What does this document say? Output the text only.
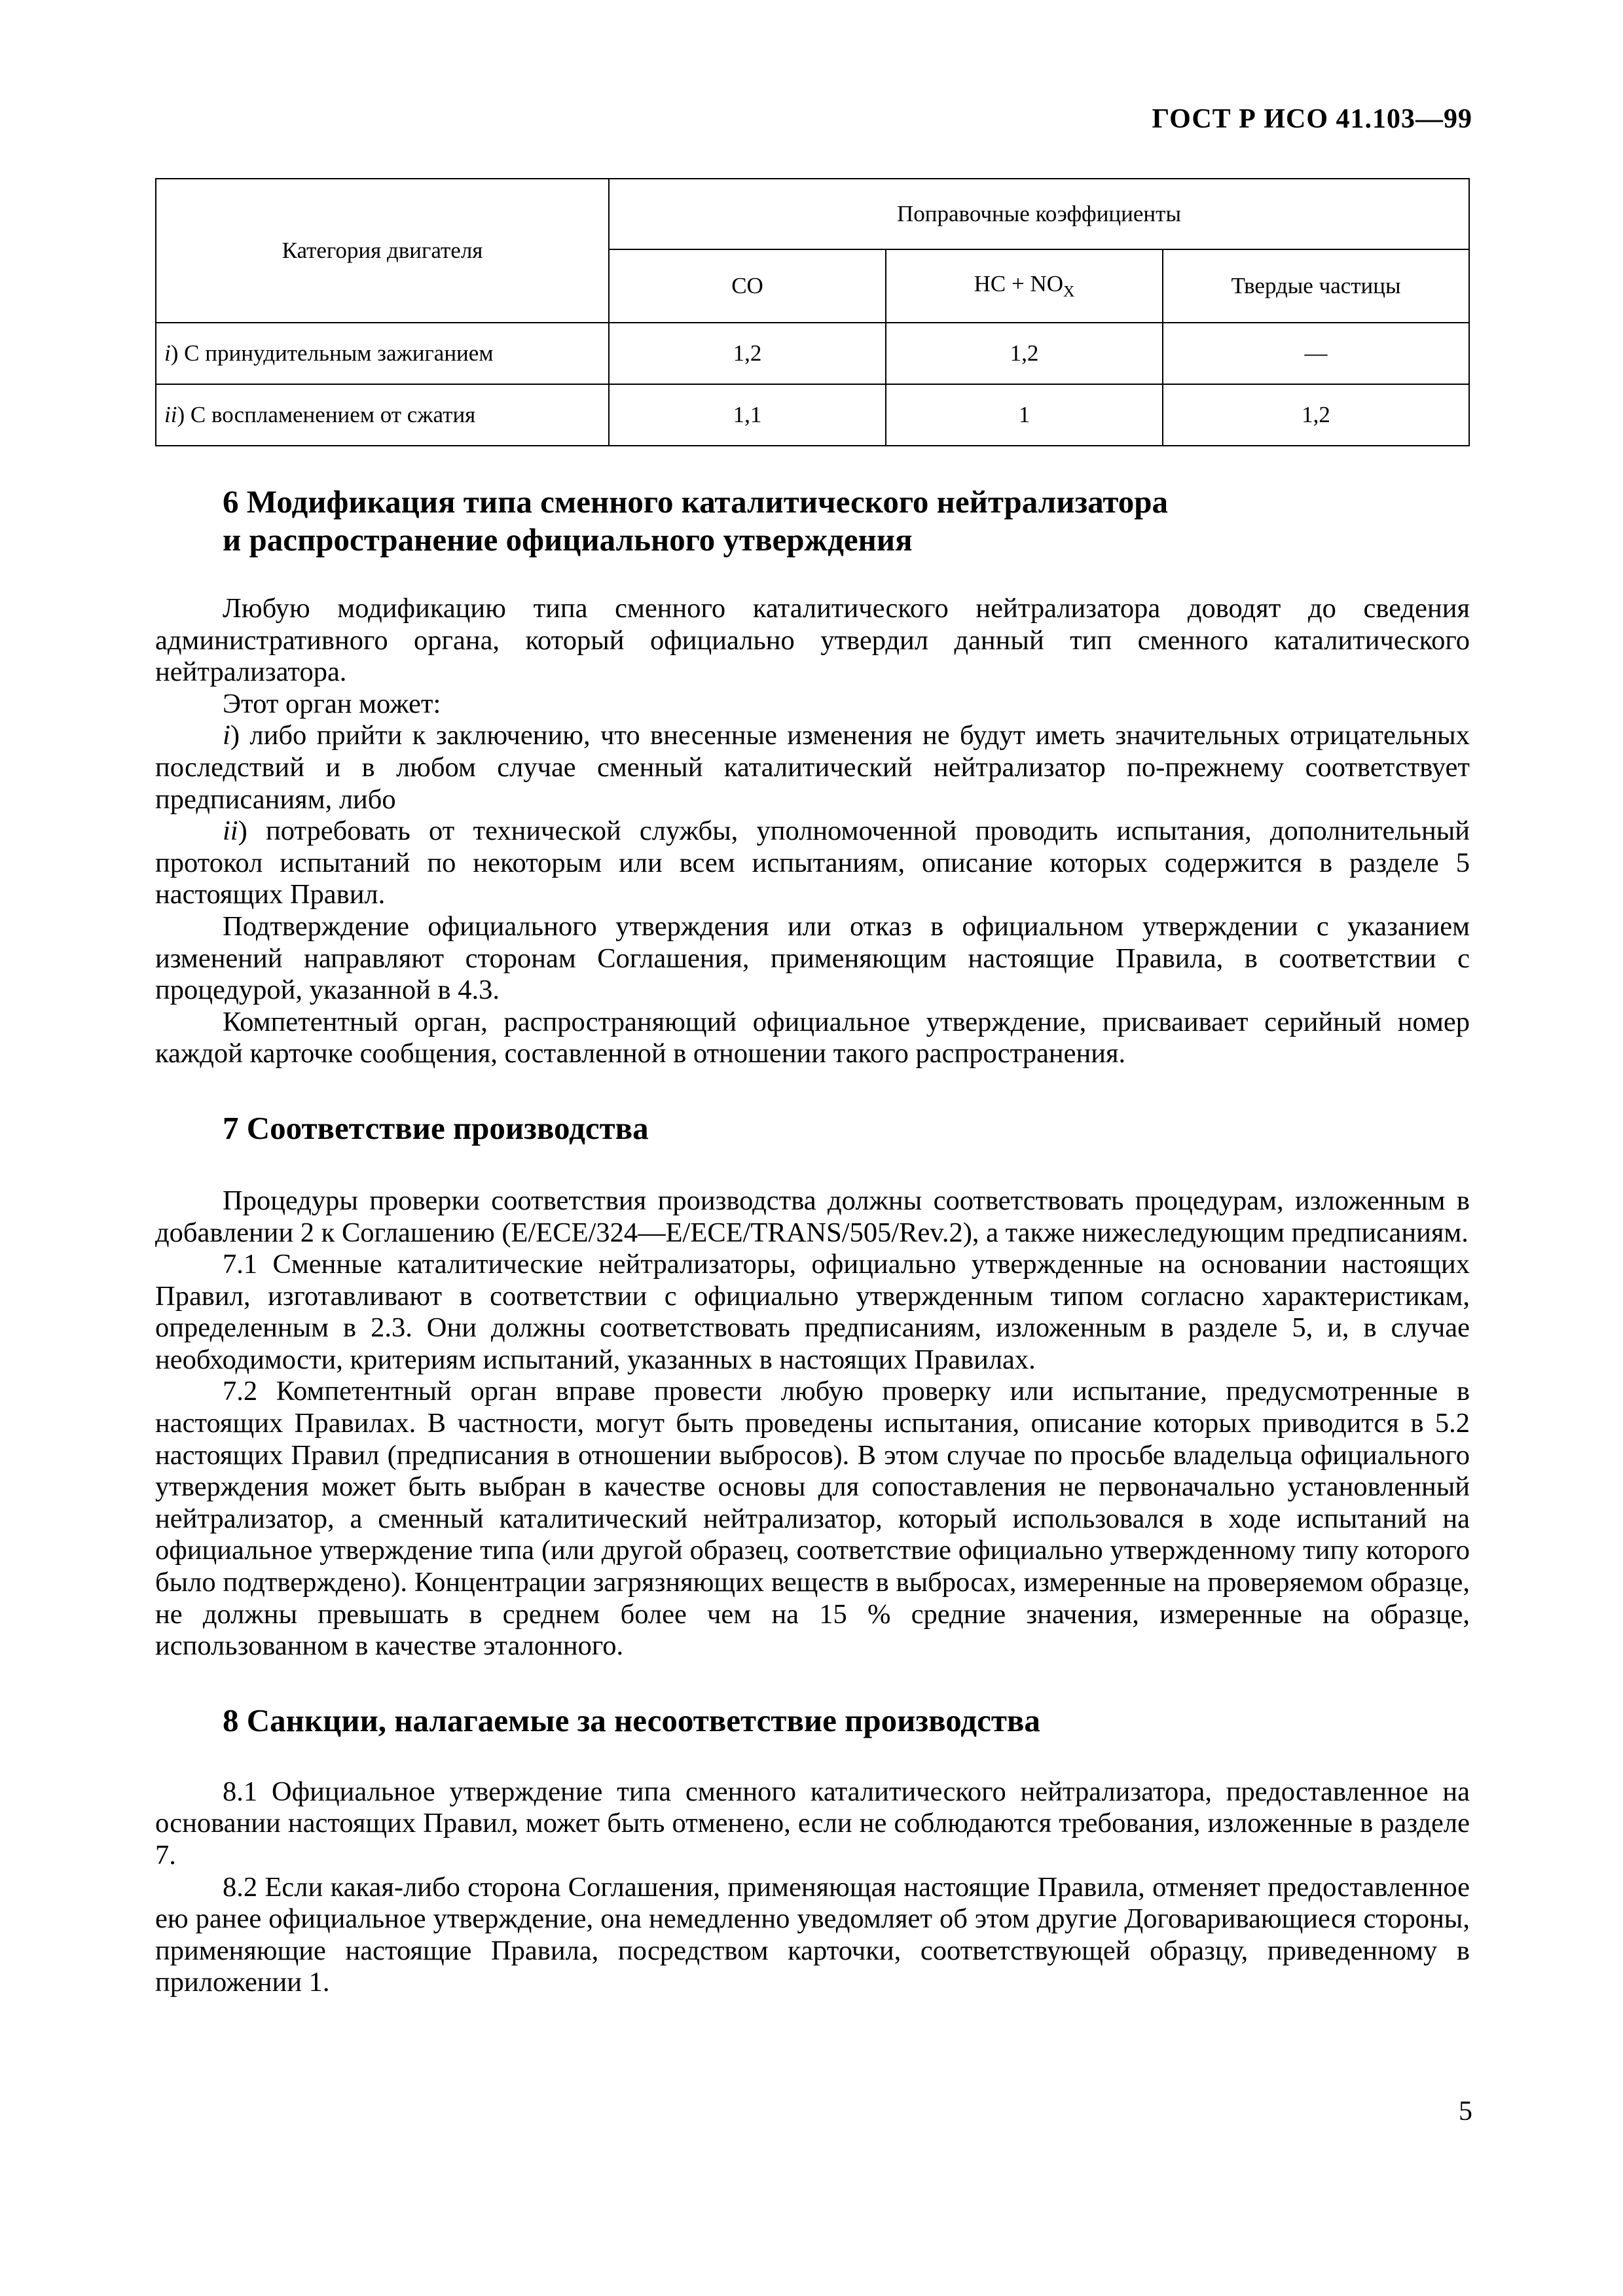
ГОСТ Р ИСО 41.103—99
Категория двигателя	Поправочные коэффициенты		
	CO	HC + $NO_X$	Твердые частицы
i) С принудительным зажиганием	1,2	1,2	—
ii) С воспламенением от сжатия	1,1	1	1,2
6 Модификация типа сменного каталитического нейтрализатора
и распространение официального утверждения

Любую модификацию типа сменного каталитического нейтрализатора доводят до сведения административного органа, который официально утвердил данный тип сменного каталитического нейтрализатора.

Этот орган может:

i) либо прийти к заключению, что внесенные изменения не будут иметь значительных отрицательных последствий и в любом случае сменный каталитический нейтрализатор по-прежнему соответствует предписаниям, либо

ii) потребовать от технической службы, уполномоченной проводить испытания, дополнительный протокол испытаний по некоторым или всем испытаниям, описание которых содержится в разделе 5 настоящих Правил.

Подтверждение официального утверждения или отказ в официальном утверждении с указанием изменений направляют сторонам Соглашения, применяющим настоящие Правила, в соответствии с процедурой, указанной в 4.3.

Компетентный орган, распространяющий официальное утверждение, присваивает серийный номер каждой карточке сообщения, составленной в отношении такого распространения.

7 Соответствие производства

Процедуры проверки соответствия производства должны соответствовать процедурам, изложенным в добавлении 2 к Соглашению (E/ECE/324—E/ECE/TRANS/505/Rev.2), а также нижеследующим предписаниям.

7.1 Сменные каталитические нейтрализаторы, официально утвержденные на основании настоящих Правил, изготавливают в соответствии с официально утвержденным типом согласно характеристикам, определенным в 2.3. Они должны соответствовать предписаниям, изложенным в разделе 5, и, в случае необходимости, критериям испытаний, указанных в настоящих Правилах.

7.2 Компетентный орган вправе провести любую проверку или испытание, предусмотренные в настоящих Правилах. В частности, могут быть проведены испытания, описание которых приводится в 5.2 настоящих Правил (предписания в отношении выбросов). В этом случае по просьбе владельца официального утверждения может быть выбран в качестве основы для сопоставления не первоначально установленный нейтрализатор, а сменный каталитический нейтрализатор, который использовался в ходе испытаний на официальное утверждение типа (или другой образец, соответствие официально утвержденному типу которого было подтверждено). Концентрации загрязняющих веществ в выбросах, измеренные на проверяемом образце, не должны превышать в среднем более чем на 15 % средние значения, измеренные на образце, использованном в качестве эталонного.

8 Санкции, налагаемые за несоответствие производства

8.1 Официальное утверждение типа сменного каталитического нейтрализатора, предоставленное на основании настоящих Правил, может быть отменено, если не соблюдаются требования, изложенные в разделе 7.

8.2 Если какая-либо сторона Соглашения, применяющая настоящие Правила, отменяет предоставленное ею ранее официальное утверждение, она немедленно уведомляет об этом другие Договаривающиеся стороны, применяющие настоящие Правила, посредством карточки, соответствующей образцу, приведенному в приложении 1.

5
